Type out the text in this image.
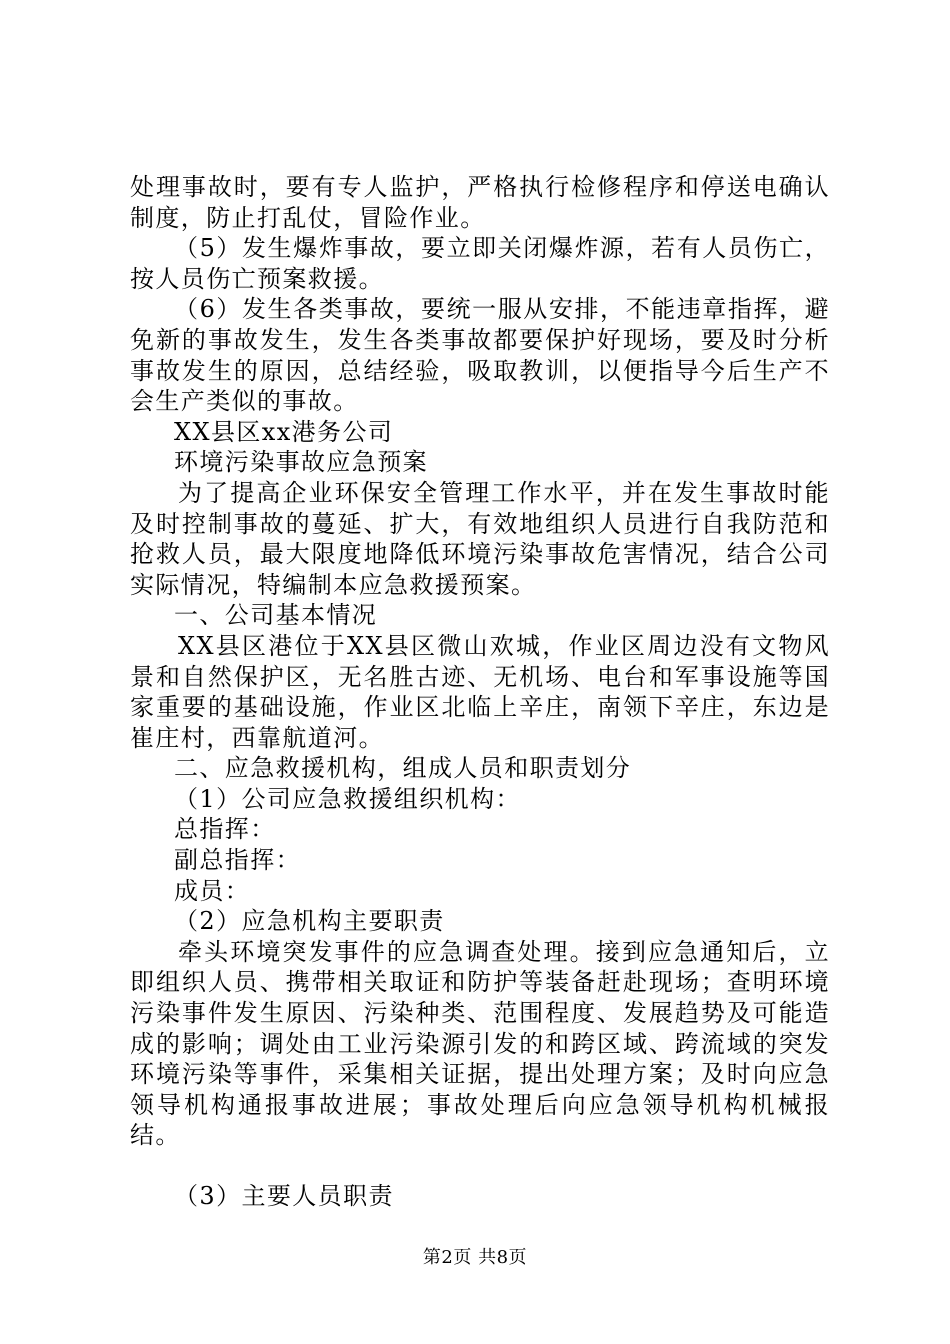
处理事故时，要有专人监护，严格执行检修程序和停送电确认制度，防止打乱仗，冒险作业。

（5）发生爆炸事故，要立即关闭爆炸源，若有人员伤亡，按人员伤亡预案救援。

（6）发生各类事故，要统一服从安排，不能违章指挥，避免新的事故发生，发生各类事故都要保护好现场，要及时分析事故发生的原因，总结经验，吸取教训，以便指导今后生产不会生产类似的事故。

XX县区xx港务公司

环境污染事故应急预案

为了提高企业环保安全管理工作水平，并在发生事故时能及时控制事故的蔓延、扩大，有效地组织人员进行自我防范和抢救人员，最大限度地降低环境污染事故危害情况，结合公司实际情况，特编制本应急救援预案。

一、公司基本情况

XX县区港位于XX县区微山欢城，作业区周边没有文物风景和自然保护区，无名胜古迹、无机场、电台和军事设施等国家重要的基础设施，作业区北临上辛庄，南领下辛庄，东边是崔庄村，西靠航道河。

二、应急救援机构，组成人员和职责划分

（1）公司应急救援组织机构：

总指挥：

副总指挥：

成员：

（2）应急机构主要职责

牵头环境突发事件的应急调查处理。接到应急通知后，立即组织人员、携带相关取证和防护等装备赶赴现场；查明环境污染事件发生原因、污染种类、范围程度、发展趋势及可能造成的影响；调处由工业污染源引发的和跨区域、跨流域的突发环境污染等事件，采集相关证据，提出处理方案；及时向应急领导机构通报事故进展；事故处理后向应急领导机构机械报结。

（3）主要人员职责

第2页 共8页
